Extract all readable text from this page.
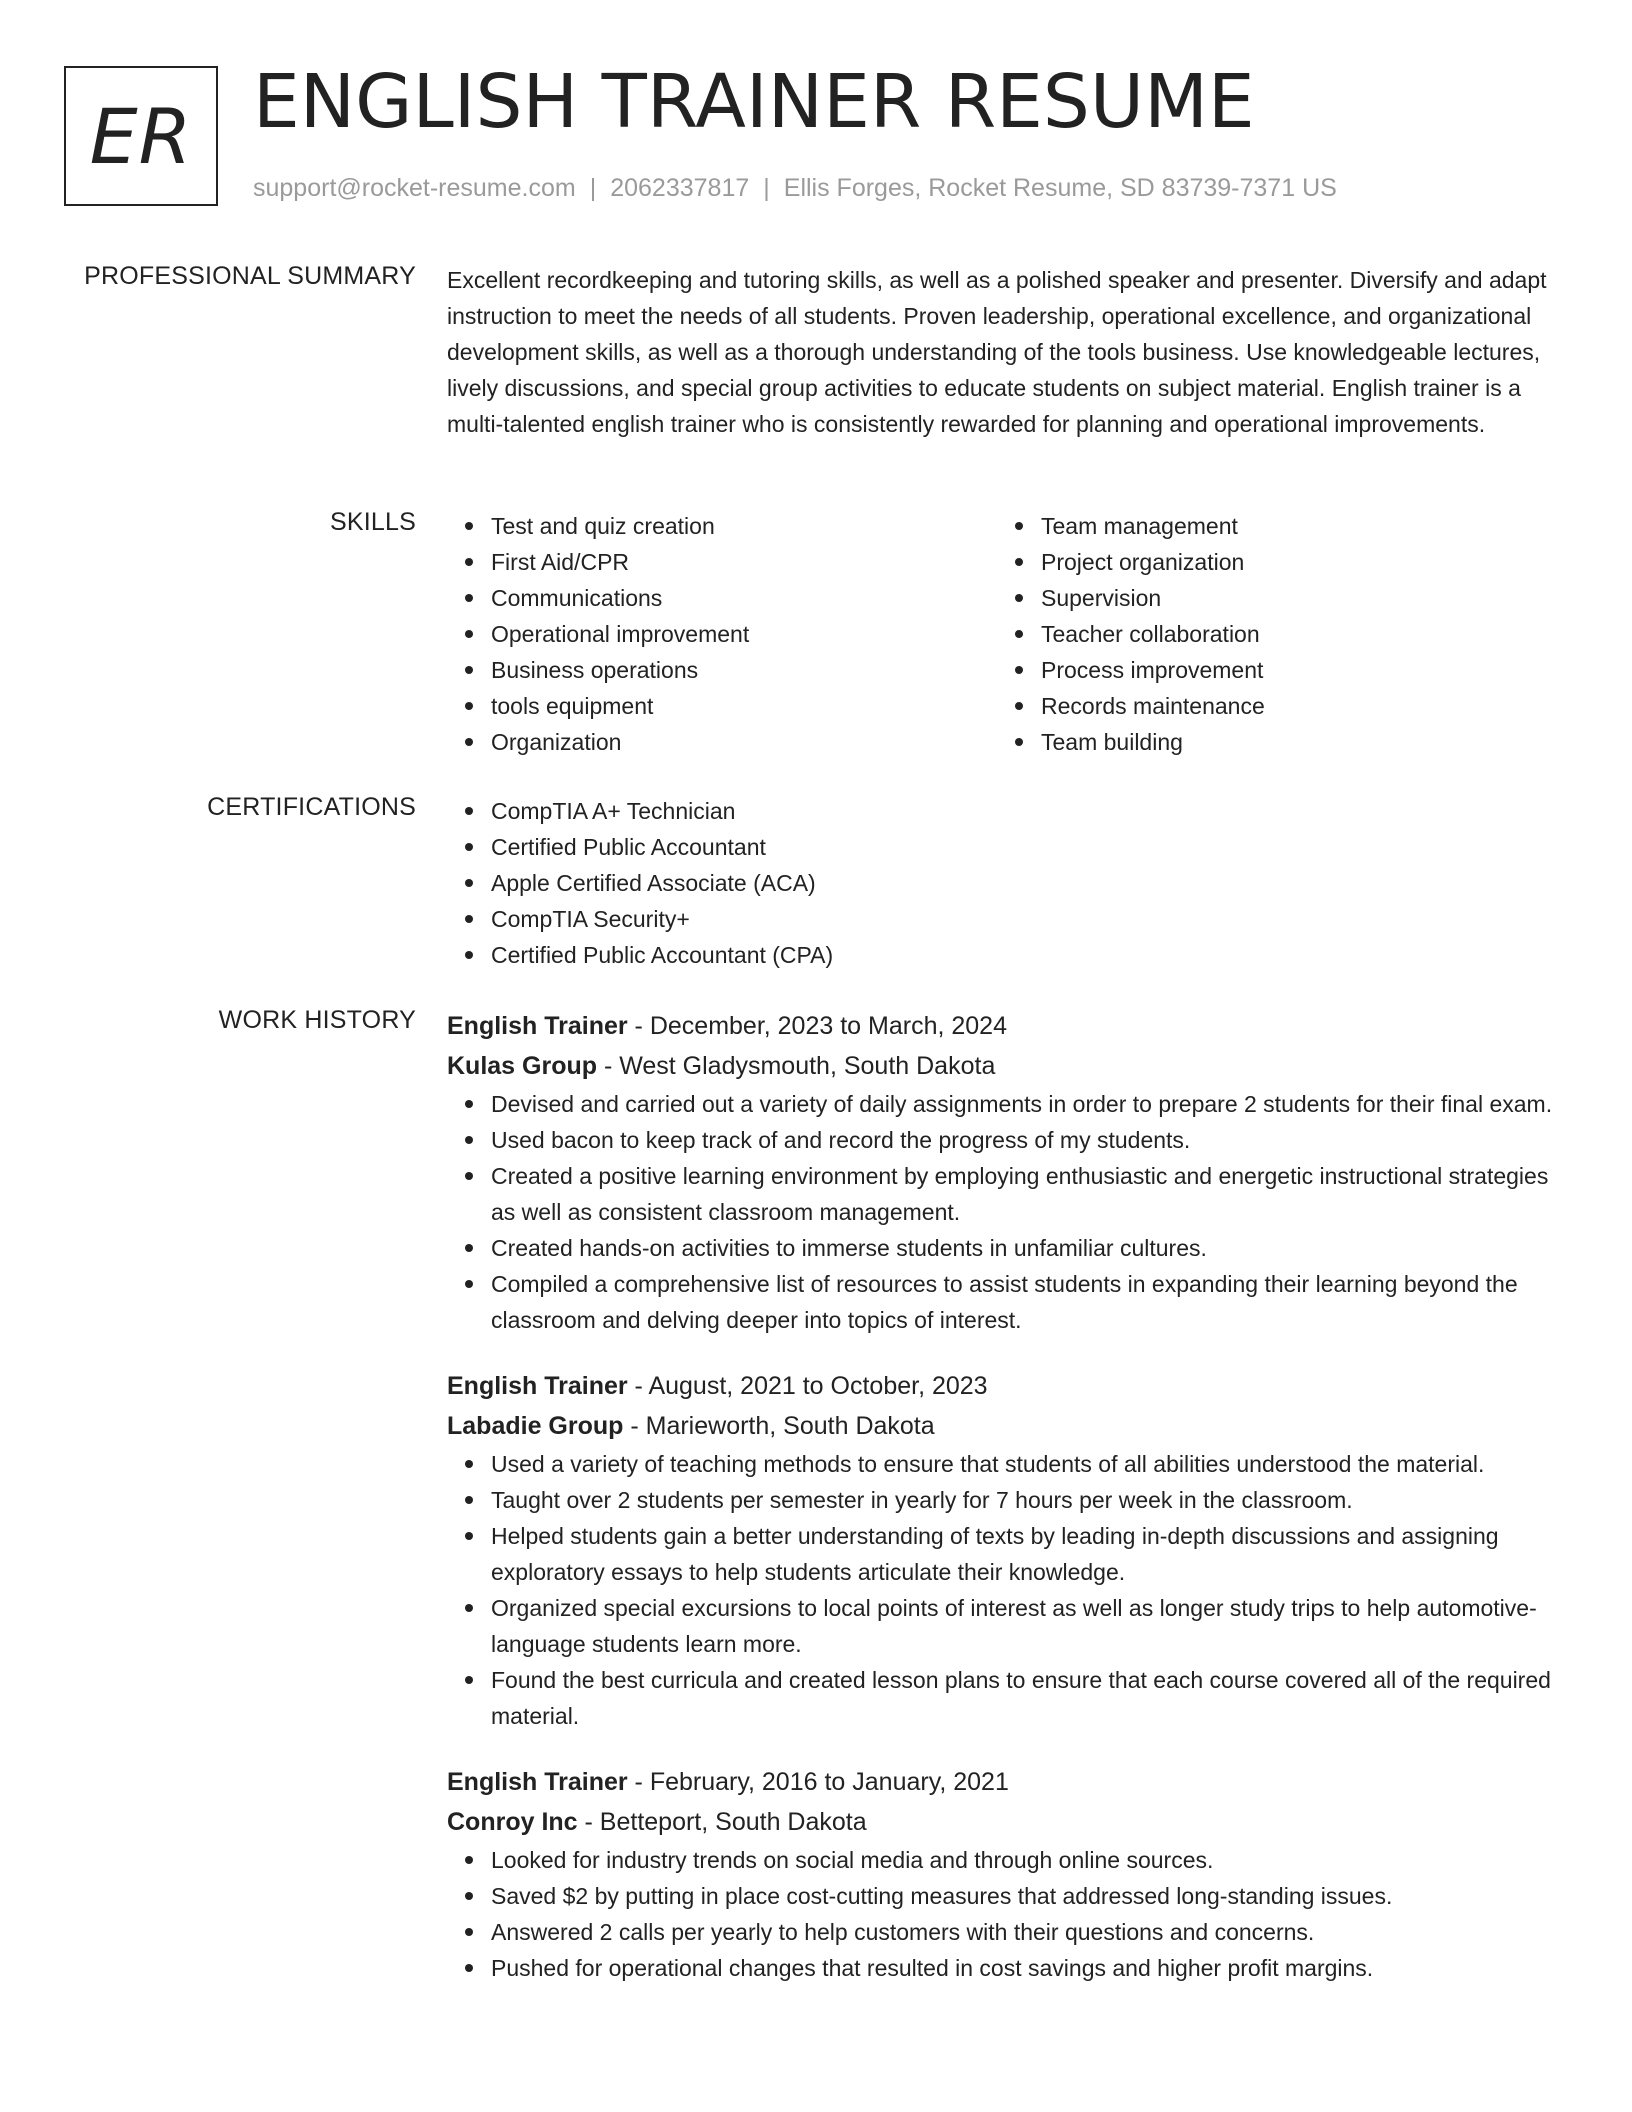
ER ENGLISH TRAINER RESUME
support@rocket-resume.com | 2062337817 | Ellis Forges, Rocket Resume, SD 83739-7371 US
PROFESSIONAL SUMMARY Excellent recordkeeping and tutoring skills, as well as a polished speaker and presenter. Diversify and adapt instruction to meet the needs of all students. Proven leadership, operational excellence, and organizational development skills, as well as a thorough understanding of the tools business. Use knowledgeable lectures, lively discussions, and special group activities to educate students on subject material. English trainer is a multi-talented english trainer who is consistently rewarded for planning and operational improvements.

SKILLS	Test and quiz creation
First Aid/CPR
Communications
Operational improvement
Business operations
tools equipment
Organization
Team management
Project organization
Supervision
Teacher collaboration
Process improvement
Records maintenance
Team building
CERTIFICATIONS	CompTIA A+ Technician
Certified Public Accountant
Apple Certified Associate (ACA)
CompTIA Security+
Certified Public Accountant (CPA)
WORK HISTORY English Trainer - December, 2023 to March, 2024
Kulas Group - West Gladysmouth, South Dakota
Devised and carried out a variety of daily assignments in order to prepare 2 students for their final exam.
Used bacon to keep track of and record the progress of my students.
Created a positive learning environment by employing enthusiastic and energetic instructional strategies as well as consistent classroom management.
Created hands-on activities to immerse students in unfamiliar cultures.
Compiled a comprehensive list of resources to assist students in expanding their learning beyond the classroom and delving deeper into topics of interest.
English Trainer - August, 2021 to October, 2023
Labadie Group - Marieworth, South Dakota
Used a variety of teaching methods to ensure that students of all abilities understood the material.
Taught over 2 students per semester in yearly for 7 hours per week in the classroom.
Helped students gain a better understanding of texts by leading in-depth discussions and assigning exploratory essays to help students articulate their knowledge.
Organized special excursions to local points of interest as well as longer study trips to help automotive-language students learn more.
Found the best curricula and created lesson plans to ensure that each course covered all of the required material.
English Trainer - February, 2016 to January, 2021
Conroy Inc - Betteport, South Dakota
Looked for industry trends on social media and through online sources.
Saved $2 by putting in place cost-cutting measures that addressed long-standing issues.
Answered 2 calls per yearly to help customers with their questions and concerns.
Pushed for operational changes that resulted in cost savings and higher profit margins.
